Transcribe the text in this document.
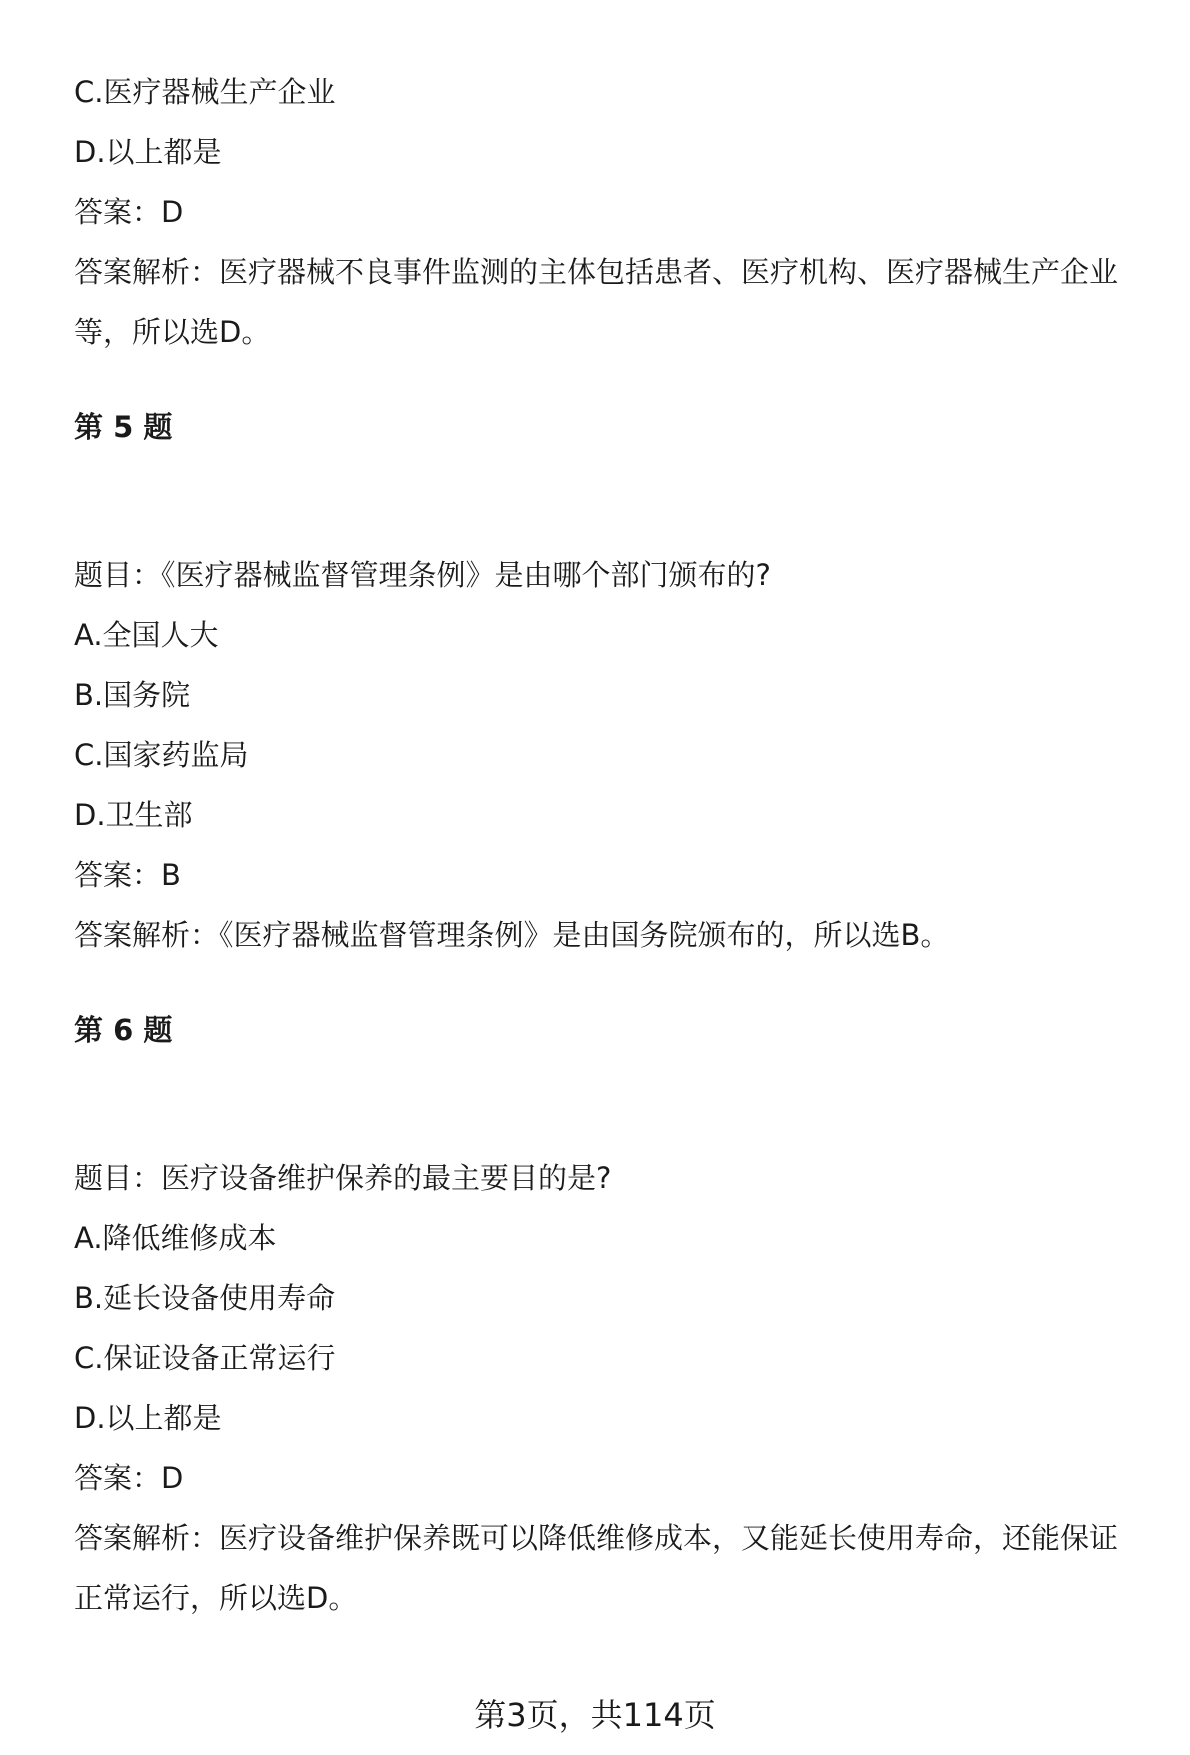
C.医疗器械生产企业
D.以上都是
答案：D
答案解析：医疗器械不良事件监测的主体包括患者、医疗机构、医疗器械生产企业
等，所以选D。
第 5 题
题目：《医疗器械监督管理条例》是由哪个部门颁布的?
A.全国人大
B.国务院
C.国家药监局
D.卫生部
答案：B
答案解析：《医疗器械监督管理条例》是由国务院颁布的，所以选B。
第 6 题
题目：医疗设备维护保养的最主要目的是?
A.降低维修成本
B.延长设备使用寿命
C.保证设备正常运行
D.以上都是
答案：D
答案解析：医疗设备维护保养既可以降低维修成本，又能延长使用寿命，还能保证
正常运行，所以选D。
第3页，共114页
